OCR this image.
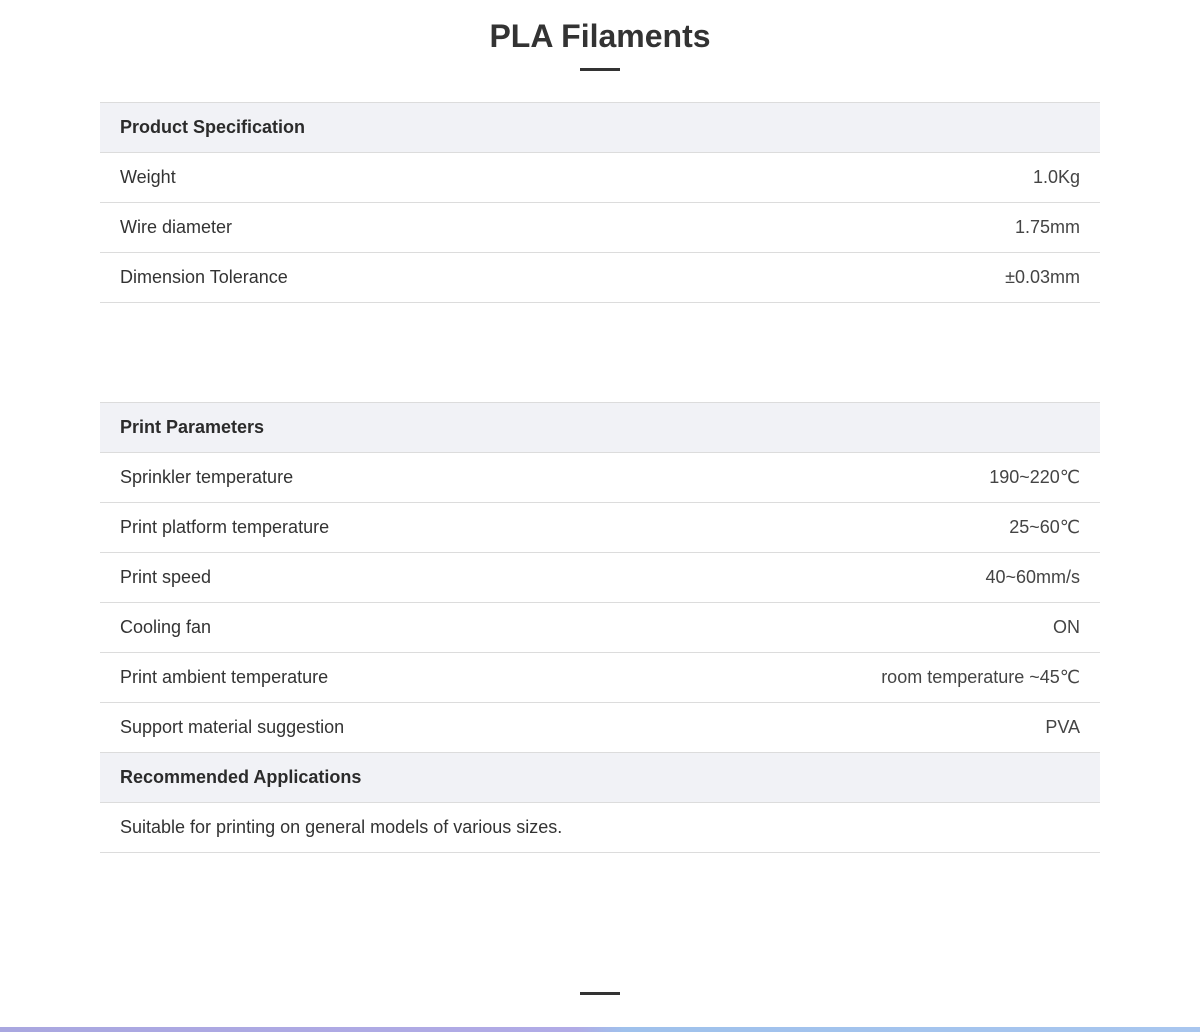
PLA Filaments
Product Specification
Weight	1.0Kg
Wire diameter	1.75mm
Dimension Tolerance	±0.03mm
Print Parameters
Sprinkler temperature	190~220℃
Print platform temperature	25~60℃
Print speed	40~60mm/s
Cooling fan	ON
Print ambient temperature	room temperature ~45℃
Support material suggestion	PVA
Recommended Applications
Suitable for printing on general models of various sizes.
